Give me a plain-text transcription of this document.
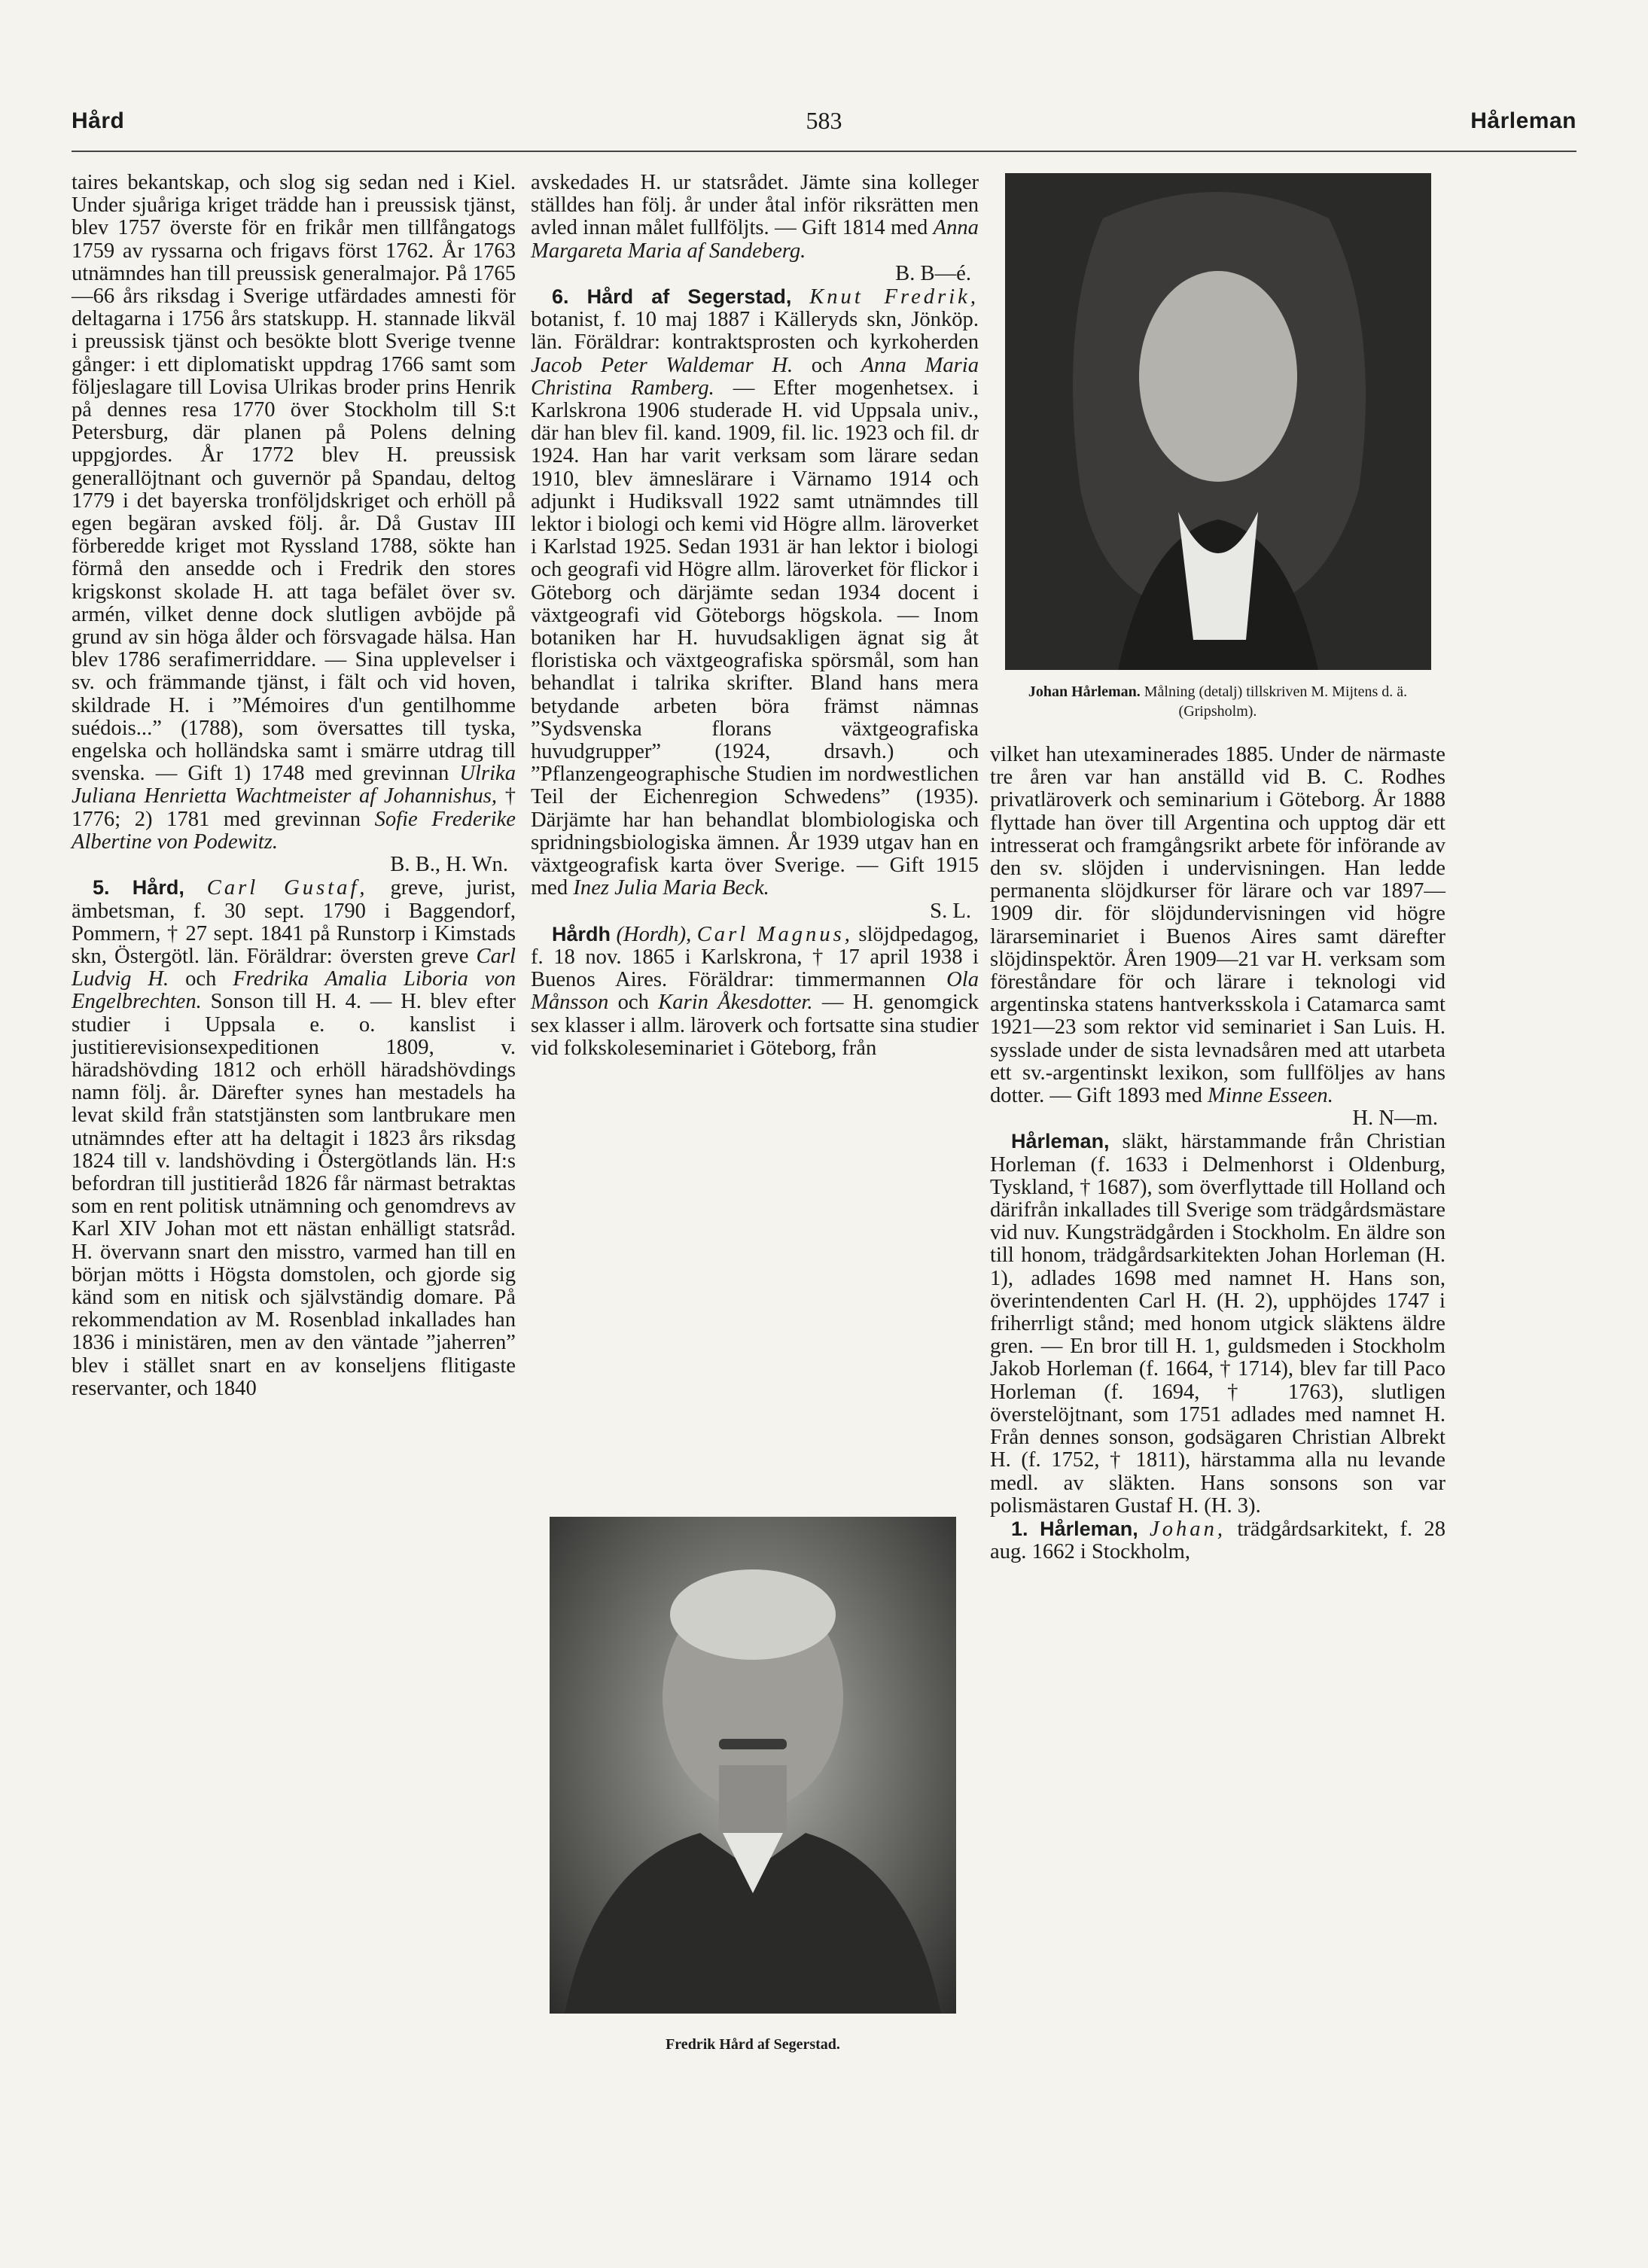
Hård	583	Hårleman

taires bekantskap, och slog sig sedan ned i Kiel. Under sjuåriga kriget trädde han i preussisk tjänst, blev 1757 överste för en frikår men tillfångatogs 1759 av ryssarna och frigavs först 1762. År 1763 utnämndes han till preussisk generalmajor. På 1765—66 års riksdag i Sverige utfärdades amnesti för deltagarna i 1756 års statskupp. H. stannade likväl i preussisk tjänst och besökte blott Sverige tvenne gånger: i ett diplomatiskt uppdrag 1766 samt som följeslagare till Lovisa Ulrikas broder prins Henrik på dennes resa 1770 över Stockholm till S:t Petersburg, där planen på Polens delning uppgjordes. År 1772 blev H. preussisk generallöjtnant och guvernör på Spandau, deltog 1779 i det bayerska tronföljdskriget och erhöll på egen begäran avsked följ. år. Då Gustav III förberedde kriget mot Ryssland 1788, sökte han förmå den ansedde och i Fredrik den stores krigskonst skolade H. att taga befälet över sv. armén, vilket denne dock slutligen avböjde på grund av sin höga ålder och försvagade hälsa. Han blev 1786 serafimerriddare. — Sina upplevelser i sv. och främmande tjänst, i fält och vid hoven, skildrade H. i ”Mémoires d'un gentilhomme suédois...” (1788), som översattes till tyska, engelska och holländska samt i smärre utdrag till svenska. — Gift 1) 1748 med grevinnan Ulrika Juliana Henrietta Wachtmeister af Johannishus, † 1776; 2) 1781 med grevinnan Sofie Frederike Albertine von Podewitz.
B. B., H. Wn.

5. Hård, Carl Gustaf, greve, jurist, ämbetsman, f. 30 sept. 1790 i Baggendorf, Pommern, † 27 sept. 1841 på Runstorp i Kimstads skn, Östergötl. län. Föräldrar: översten greve Carl Ludvig H. och Fredrika Amalia Liboria von Engelbrechten. Sonson till H. 4. — H. blev efter studier i Uppsala e. o. kanslist i justitierevisionsexpeditionen 1809, v. häradshövding 1812 och erhöll häradshövdings namn följ. år. Därefter synes han mestadels ha levat skild från statstjänsten som lantbrukare men utnämndes efter att ha deltagit i 1823 års riksdag 1824 till v. landshövding i Östergötlands län. H:s befordran till justitieråd 1826 får närmast betraktas som en rent politisk utnämning och genomdrevs av Karl XIV Johan mot ett nästan enhälligt statsråd. H. övervann snart den misstro, varmed han till en början mötts i Högsta domstolen, och gjorde sig känd som en nitisk och självständig domare. På rekommendation av M. Rosenblad inkallades han 1836 i ministären, men av den väntade ”jaherren” blev i stället snart en av konseljens flitigaste reservanter, och 1840

avskedades H. ur statsrådet. Jämte sina kolleger ställdes han följ. år under åtal inför riksrätten men avled innan målet fullföljts. — Gift 1814 med Anna Margareta Maria af Sandeberg.
B. B—é.

6. Hård af Segerstad, Knut Fredrik, botanist, f. 10 maj 1887 i Källeryds skn, Jönköp. län. Föräldrar: kontraktsprosten och kyrkoherden Jacob Peter Waldemar H. och Anna Maria Christina Ramberg. — Efter mogenhetsex. i Karlskrona 1906 studerade H. vid Uppsala univ., där han blev fil. kand. 1909, fil. lic. 1923 och fil. dr 1924. Han har varit verksam som lärare sedan 1910, blev ämneslärare i Värnamo 1914 och adjunkt i Hudiksvall 1922 samt utnämndes till lektor i biologi och kemi vid Högre allm. läroverket i Karlstad 1925. Sedan 1931 är han lektor i biologi och geografi vid Högre allm. läroverket för flickor i Göteborg och därjämte sedan 1934 docent i växtgeografi vid Göteborgs högskola. — Inom botaniken har H. huvudsakligen ägnat sig åt floristiska och växtgeografiska spörsmål, som han behandlat i talrika skrifter. Bland hans mera betydande arbeten böra främst nämnas ”Sydsvenska florans växtgeografiska huvudgrupper” (1924, drsavh.) och ”Pflanzengeographische Studien im nordwestlichen Teil der Eichenregion Schwedens” (1935). Därjämte har han behandlat blombiologiska och spridningsbiologiska ämnen. År 1939 utgav han en växtgeografisk karta över Sverige. — Gift 1915 med Inez Julia Maria Beck.
S. L.

Hårdh (Hordh), Carl Magnus, slöjdpedagog, f. 18 nov. 1865 i Karlskrona, † 17 april 1938 i Buenos Aires. Föräldrar: timmermannen Ola Månsson och Karin Åkesdotter. — H. genomgick sex klasser i allm. läroverk och fortsatte sina studier vid folkskoleseminariet i Göteborg, från

Fredrik Hård af Segerstad.
Johan Hårleman. Målning (detalj) tillskriven M. Mijtens d. ä. (Gripsholm).

vilket han utexaminerades 1885. Under de närmaste tre åren var han anställd vid B. C. Rodhes privatläroverk och seminarium i Göteborg. År 1888 flyttade han över till Argentina och upptog där ett intresserat och framgångsrikt arbete för införande av den sv. slöjden i undervisningen. Han ledde permanenta slöjdkurser för lärare och var 1897—1909 dir. för slöjdundervisningen vid högre lärarseminariet i Buenos Aires samt därefter slöjdinspektör. Åren 1909—21 var H. verksam som föreståndare för och lärare i teknologi vid argentinska statens hantverksskola i Catamarca samt 1921—23 som rektor vid seminariet i San Luis. H. sysslade under de sista levnadsåren med att utarbeta ett sv.-argentinskt lexikon, som fullföljes av hans dotter. — Gift 1893 med Minne Esseen.
H. N—m.

Hårleman, släkt, härstammande från Christian Horleman (f. 1633 i Delmenhorst i Oldenburg, Tyskland, † 1687), som överflyttade till Holland och därifrån inkallades till Sverige som trädgårdsmästare vid nuv. Kungsträdgården i Stockholm. En äldre son till honom, trädgårdsarkitekten Johan Horleman (H. 1), adlades 1698 med namnet H. Hans son, överintendenten Carl H. (H. 2), upphöjdes 1747 i friherrligt stånd; med honom utgick släktens äldre gren. — En bror till H. 1, guldsmeden i Stockholm Jakob Horleman (f. 1664, † 1714), blev far till Paco Horleman (f. 1694, † 1763), slutligen överstelöjtnant, som 1751 adlades med namnet H. Från dennes sonson, godsägaren Christian Albrekt H. (f. 1752, † 1811), härstamma alla nu levande medl. av släkten. Hans sonsons son var polismästaren Gustaf H. (H. 3).

1. Hårleman, Johan, trädgårdsarkitekt, f. 28 aug. 1662 i Stockholm,
